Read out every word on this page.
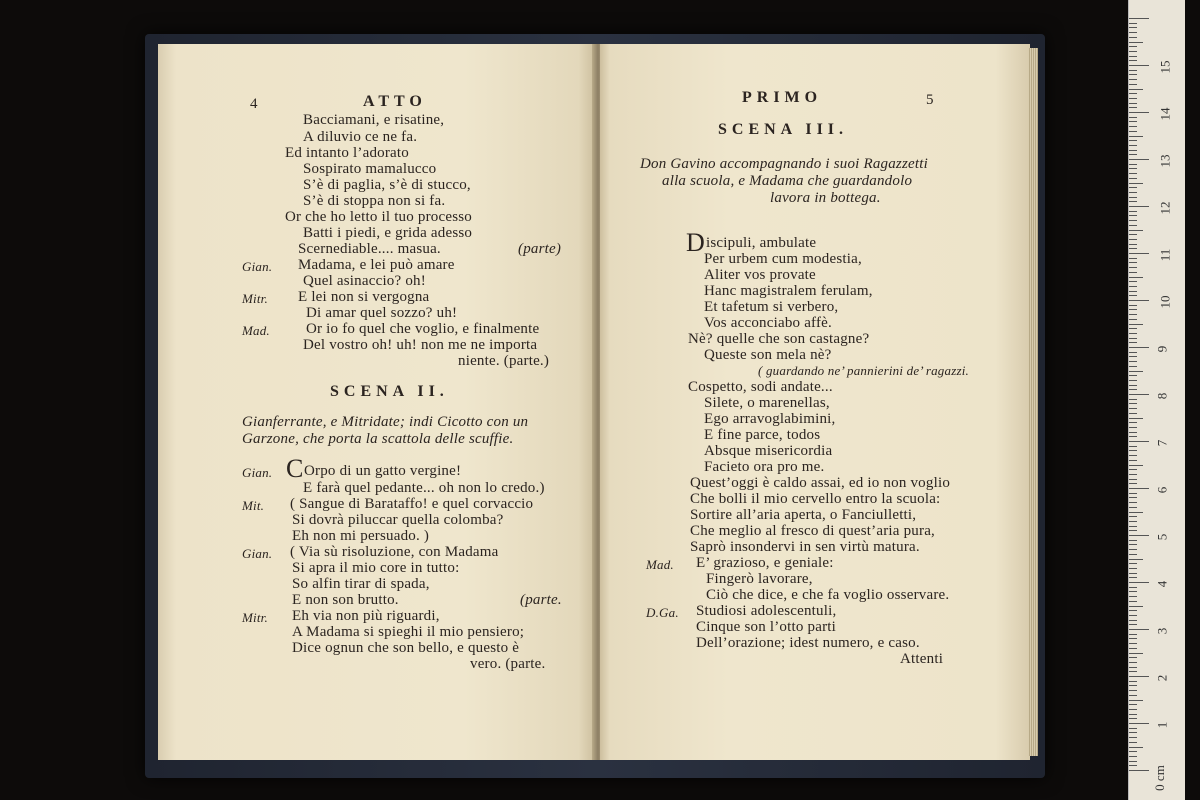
4	ATTO
Bacciamani, e risatine,
A diluvio ce ne fa.
Ed intanto l’adorato
Sospirato mamalucco
S’è di paglia, s’è di stucco,
S’è di stoppa non si fa.
Or che ho letto il tuo processo
Batti i piedi, e grida adesso
Scernediable.... masua.	(parte)
Gian. Madama, e lei può amare
Quel asinaccio? oh!
Mitr. E lei non si vergogna
Di amar quel sozzo? uh!
Mad. Or io fo quel che voglio, e finalmente
Del vostro oh! uh! non me ne importa
niente. (parte.)
SCENA II.
Gianferrante, e Mitridate; indi Cicotto con un
Garzone, che porta la scattola delle scuffie.
Gian. C Orpo di un gatto vergine!
E farà quel pedante... oh non lo credo.)
Mit. ( Sangue di Barataffo! e quel corvaccio
Si dovrà piluccar quella colomba?
Eh non mi persuado. )
Gian. ( Via sù risoluzione, con Madama
Si apra il mio core in tutto:
So alfin tirar di spada,
E non son brutto.	(parte.
Mitr. Eh via non più riguardi,
A Madama si spieghi il mio pensiero;
Dice ognun che son bello, e questo è
vero. (parte.
PRIMO	5
SCENA III.
Don Gavino accompagnando i suoi Ragazzetti
alla scuola, e Madama che guardandolo
lavora in bottega.
D iscipuli, ambulate
Per urbem cum modestia,
Aliter vos provate
Hanc magistralem ferulam,
Et tafetum si verbero,
Vos acconciabo affè.
Nè? quelle che son castagne?
Queste son mela nè?
( guardando ne’ pannierini de’ ragazzi.
Cospetto, sodi andate...
Silete, o marenellas,
Ego arravoglabimini,
E fine parce, todos
Absque misericordia
Facieto ora pro me.
Quest’oggi è caldo assai, ed io non voglio
Che bolli il mio cervello entro la scuola:
Sortire all’aria aperta, o Fanciulletti,
Che meglio al fresco di quest’aria pura,
Saprò insondervi in sen virtù matura.
Mad. E’ grazioso, e geniale:
Fingerò lavorare,
Ciò che dice, e che fa voglio osservare.
D.Ga. Studiosi adolescentuli,
Cinque son l’otto parti
Dell’orazione; idest numero, e caso.
Attenti
0 cm
1
2
3
4
5
6
7
8
9
10
11
12
13
14
15
